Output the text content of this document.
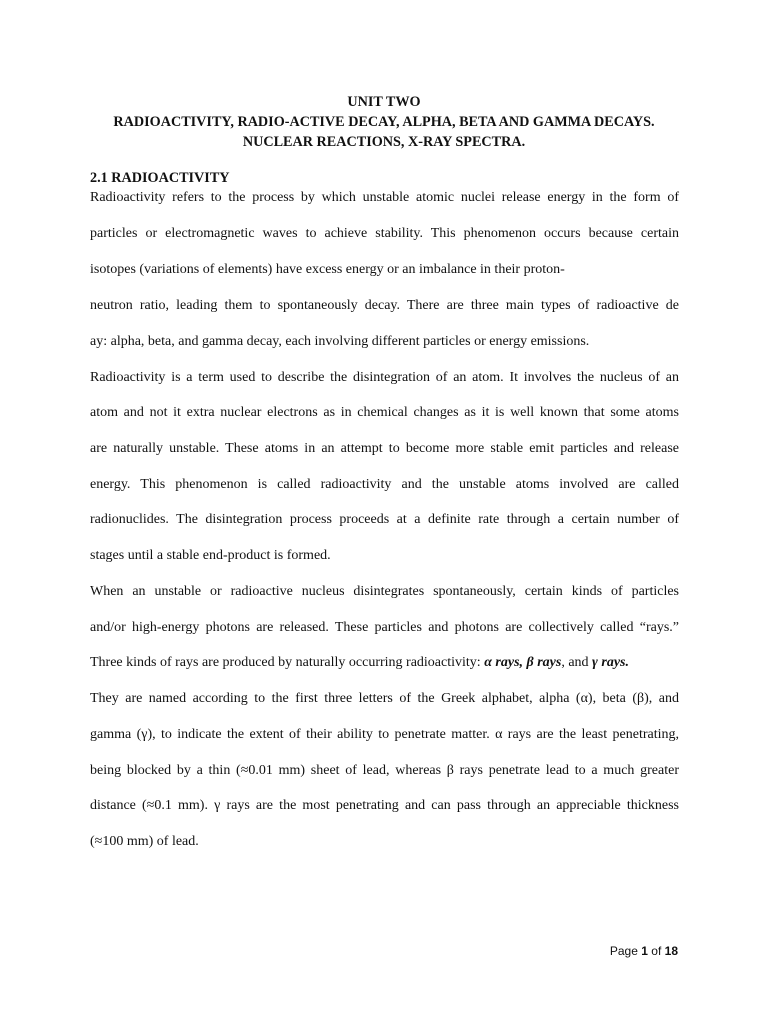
UNIT TWO
RADIOACTIVITY, RADIO-ACTIVE DECAY, ALPHA, BETA AND GAMMA DECAYS.
NUCLEAR REACTIONS, X-RAY SPECTRA.
2.1 RADIOACTIVITY
Radioactivity refers to the process by which unstable atomic nuclei release energy in the form of
particles or electromagnetic waves to achieve stability. This phenomenon occurs because certain
isotopes (variations of elements) have excess energy or an imbalance in their proton-
neutron ratio, leading them to spontaneously decay. There are three main types of radioactive de
ay: alpha, beta, and gamma decay, each involving different particles or energy emissions.
Radioactivity is a term used to describe the disintegration of an atom. It involves the nucleus of an
atom and not it extra nuclear electrons as in chemical changes as it is well known that some atoms
are naturally unstable. These atoms in an attempt to become more stable emit particles and release
energy. This phenomenon is called radioactivity and the unstable atoms involved are called
radionuclides. The disintegration process proceeds at a definite rate through a certain number of
stages until a stable end-product is formed.
When an unstable or radioactive nucleus disintegrates spontaneously, certain kinds of particles
and/or high-energy photons are released. These particles and photons are collectively called “rays.”
Three kinds of rays are produced by naturally occurring radioactivity: α rays, β rays, and γ rays.
They are named according to the first three letters of the Greek alphabet, alpha (α), beta (β), and
gamma (γ), to indicate the extent of their ability to penetrate matter. α rays are the least penetrating,
being blocked by a thin (≈0.01 mm) sheet of lead, whereas β rays penetrate lead to a much greater
distance (≈0.1 mm). γ rays are the most penetrating and can pass through an appreciable thickness
(≈100 mm) of lead.
Page 1 of 18
